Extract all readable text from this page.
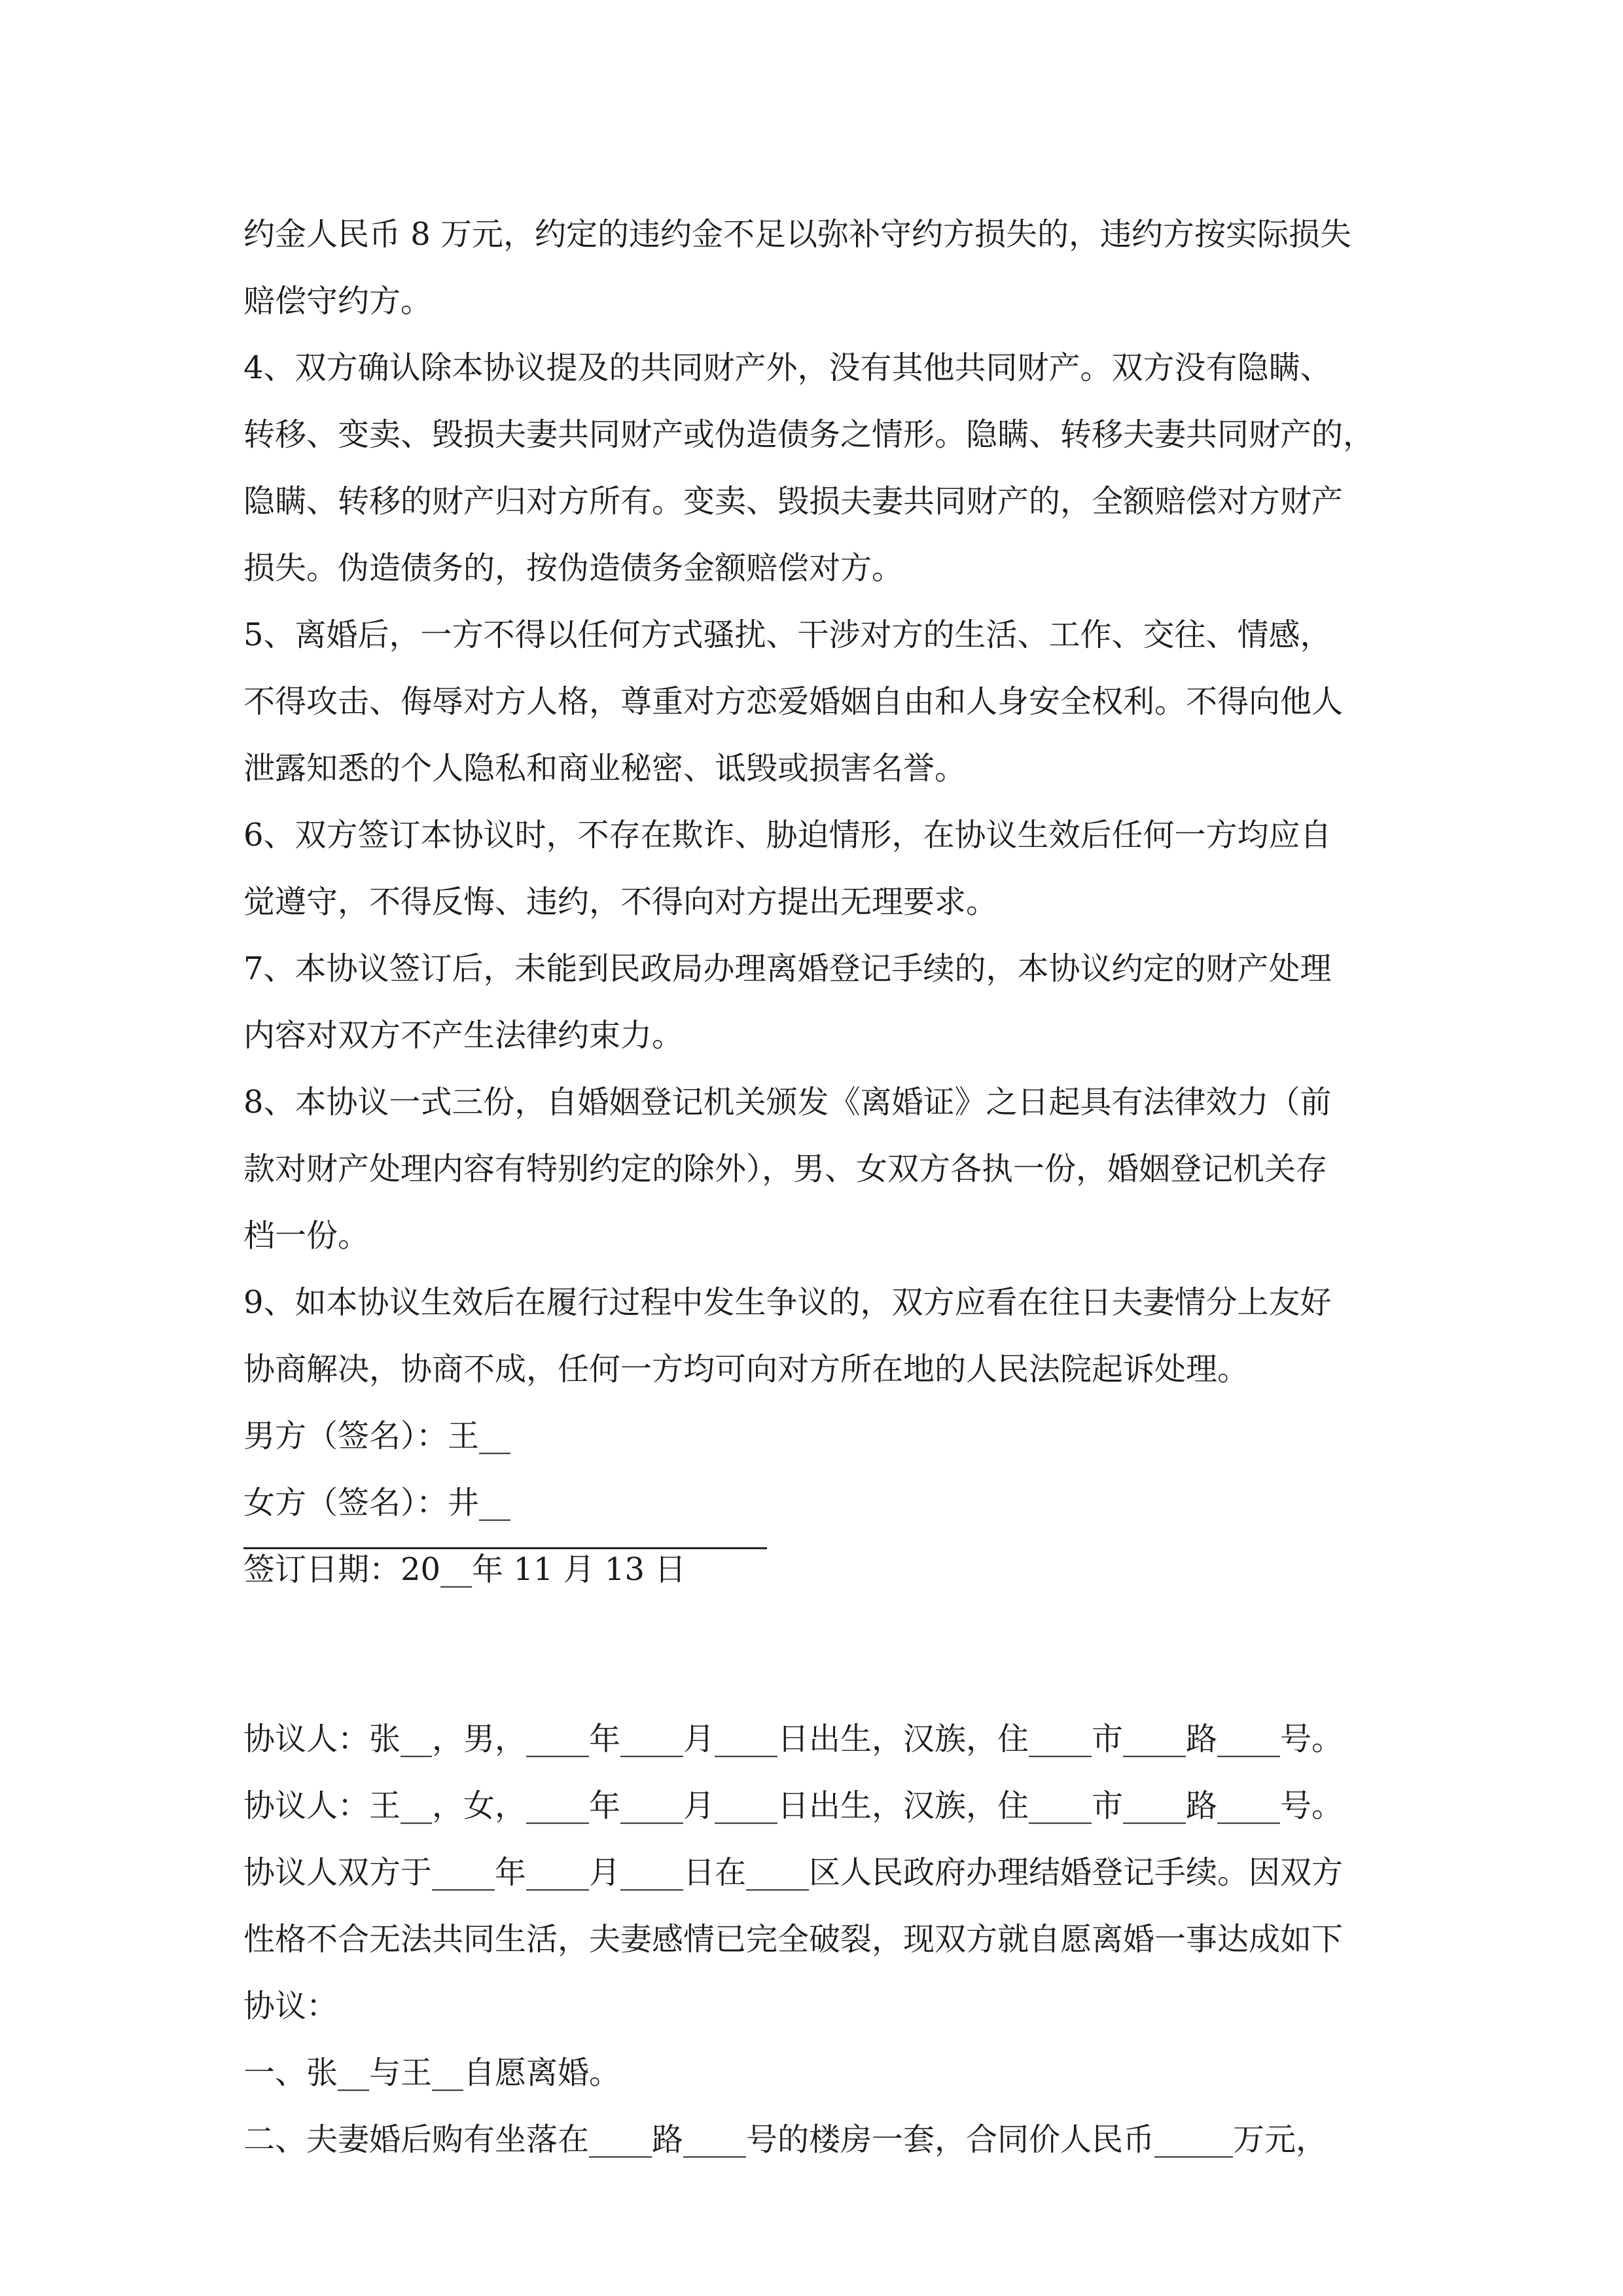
约金人民币 8 万元，约定的违约金不足以弥补守约方损失的，违约方按实际损失
赔偿守约方。
4、双方确认除本协议提及的共同财产外，没有其他共同财产。双方没有隐瞒、
转移、变卖、毁损夫妻共同财产或伪造债务之情形。隐瞒、转移夫妻共同财产的，
隐瞒、转移的财产归对方所有。变卖、毁损夫妻共同财产的，全额赔偿对方财产
损失。伪造债务的，按伪造债务金额赔偿对方。
5、离婚后，一方不得以任何方式骚扰、干涉对方的生活、工作、交往、情感，
不得攻击、侮辱对方人格，尊重对方恋爱婚姻自由和人身安全权利。不得向他人
泄露知悉的个人隐私和商业秘密、诋毁或损害名誉。
6、双方签订本协议时，不存在欺诈、胁迫情形，在协议生效后任何一方均应自
觉遵守，不得反悔、违约，不得向对方提出无理要求。
7、本协议签订后，未能到民政局办理离婚登记手续的，本协议约定的财产处理
内容对双方不产生法律约束力。
8、本协议一式三份，自婚姻登记机关颁发《离婚证》之日起具有法律效力（前
款对财产处理内容有特别约定的除外），男、女双方各执一份，婚姻登记机关存
档一份。
9、如本协议生效后在履行过程中发生争议的，双方应看在往日夫妻情分上友好
协商解决，协商不成，任何一方均可向对方所在地的人民法院起诉处理。
男方（签名）：王__
女方（签名）：井__
签订日期：20__年 11 月 13 日
———————————————————————
协议人：张__，男，____年____月____日出生，汉族，住____市____路____号。
协议人：王__，女，____年____月____日出生，汉族，住____市____路____号。
协议人双方于____年____月____日在____区人民政府办理结婚登记手续。因双方
性格不合无法共同生活，夫妻感情已完全破裂，现双方就自愿离婚一事达成如下
协议：
一、张__与王__自愿离婚。
二、夫妻婚后购有坐落在____路____号的楼房一套，合同价人民币_____万元，
